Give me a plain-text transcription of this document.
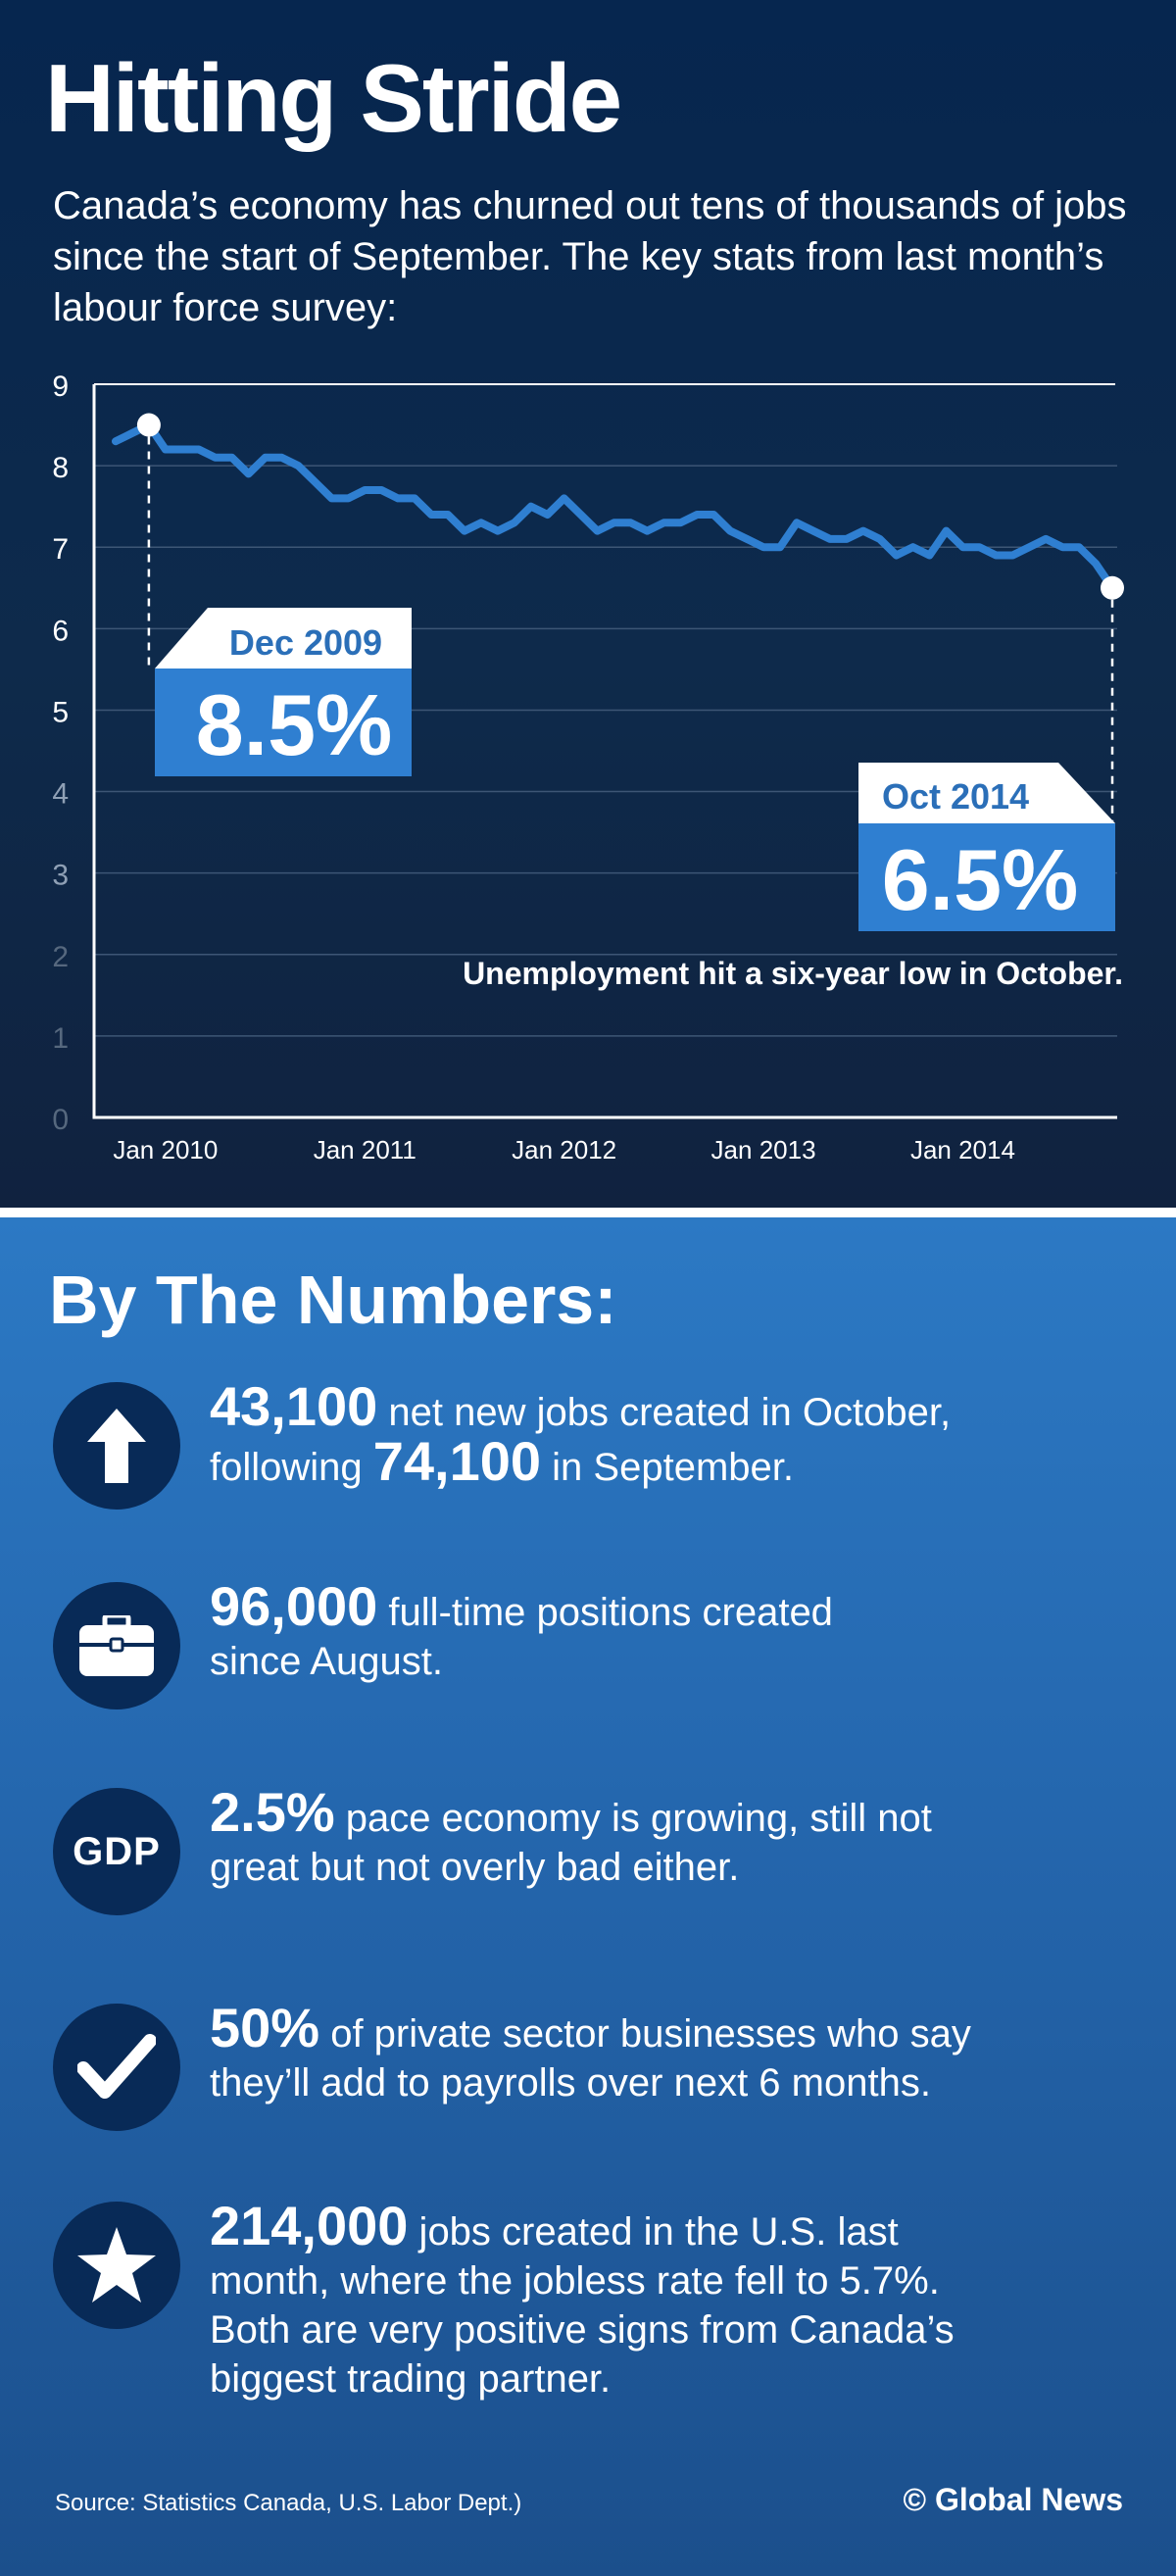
Hitting Stride

Canada’s economy has churned out tens of thousands of jobs since the start of September. The key stats from last month’s labour force survey:

0
1
2
3
4
5
6
7
8
9
Jan 2010	Jan 2011	Jan 2012	Jan 2013	Jan 2014
Dec 2009
8.5%
Oct 2014
6.5%
Unemployment hit a six-year low in October.
By The Numbers:
43,100 net new jobs created in October,
following 74,100 in September.
96,000 full-time positions created
since August.
GDP
2.5% pace economy is growing, still not
great but not overly bad either.
50% of private sector businesses who say
they’ll add to payrolls over next 6 months.
214,000 jobs created in the U.S. last
month, where the jobless rate fell to 5.7%.
Both are very positive signs from Canada’s
biggest trading partner.
Source: Statistics Canada, U.S. Labor Dept.)	© Global News
